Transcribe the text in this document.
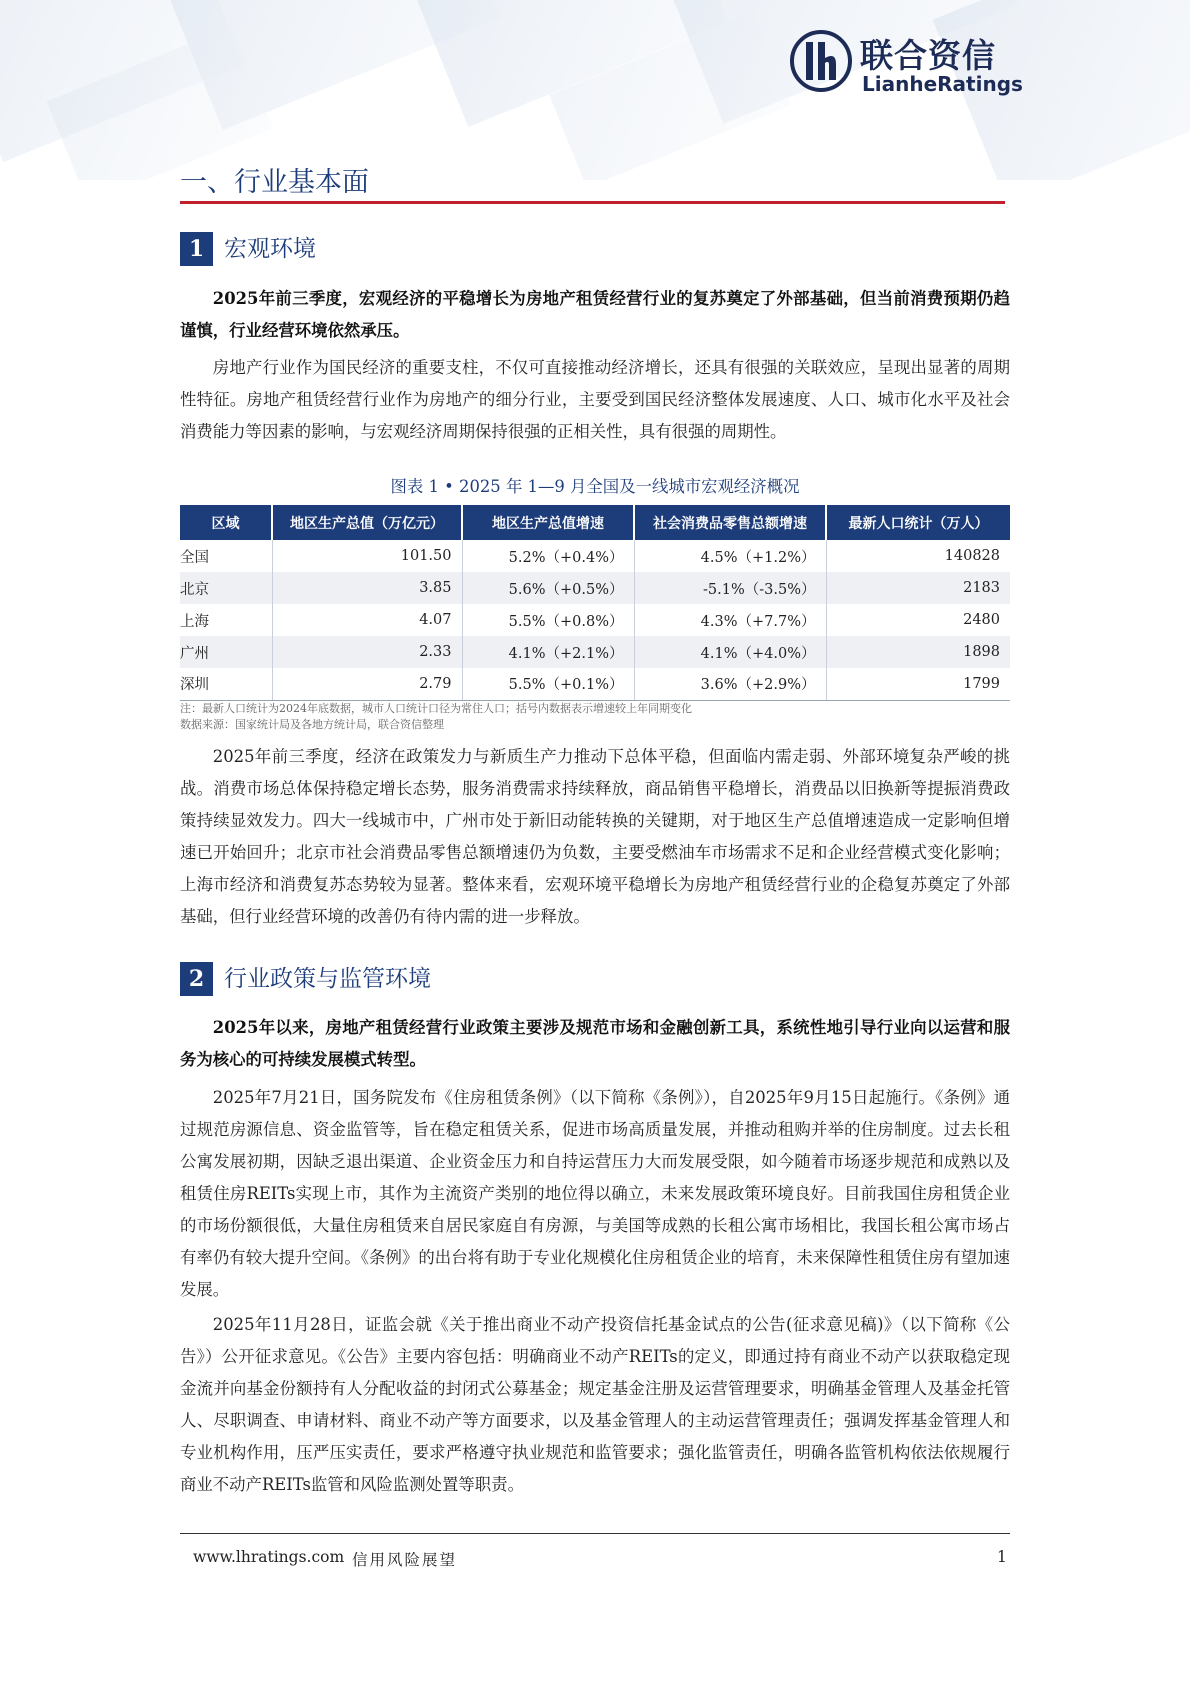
联合资信
LianheRatings
一、行业基本面
1 宏观环境

2025年前三季度，宏观经济的平稳增长为房地产租赁经营行业的复苏奠定了外部基础，但当前消费预期仍趋谨慎，行业经营环境依然承压。

房地产行业作为国民经济的重要支柱，不仅可直接推动经济增长，还具有很强的关联效应，呈现出显著的周期性特征。房地产租赁经营行业作为房地产的细分行业，主要受到国民经济整体发展速度、人口、城市化水平及社会消费能力等因素的影响，与宏观经济周期保持很强的正相关性，具有很强的周期性。

图表 1 • 2025 年 1—9 月全国及一线城市宏观经济概况
区域	地区生产总值（万亿元）	地区生产总值增速	社会消费品零售总额增速	最新人口统计（万人）
全国	101.50	5.2%（+0.4%）	4.5%（+1.2%）	140828
北京	3.85	5.6%（+0.5%）	-5.1%（-3.5%）	2183
上海	4.07	5.5%（+0.8%）	4.3%（+7.7%）	2480
广州	2.33	4.1%（+2.1%）	4.1%（+4.0%）	1898
深圳	2.79	5.5%（+0.1%）	3.6%（+2.9%）	1799
注：最新人口统计为2024年底数据，城市人口统计口径为常住人口；括号内数据表示增速较上年同期变化
数据来源：国家统计局及各地方统计局，联合资信整理

2025年前三季度，经济在政策发力与新质生产力推动下总体平稳，但面临内需走弱、外部环境复杂严峻的挑战。消费市场总体保持稳定增长态势，服务消费需求持续释放，商品销售平稳增长，消费品以旧换新等提振消费政策持续显效发力。四大一线城市中，广州市处于新旧动能转换的关键期，对于地区生产总值增速造成一定影响但增速已开始回升；北京市社会消费品零售总额增速仍为负数，主要受燃油车市场需求不足和企业经营模式变化影响；上海市经济和消费复苏态势较为显著。整体来看，宏观环境平稳增长为房地产租赁经营行业的企稳复苏奠定了外部基础，但行业经营环境的改善仍有待内需的进一步释放。

2 行业政策与监管环境

2025年以来，房地产租赁经营行业政策主要涉及规范市场和金融创新工具，系统性地引导行业向以运营和服务为核心的可持续发展模式转型。

2025年7月21日，国务院发布《住房租赁条例》（以下简称《条例》），自2025年9月15日起施行。《条例》通过规范房源信息、资金监管等，旨在稳定租赁关系，促进市场高质量发展，并推动租购并举的住房制度。过去长租公寓发展初期，因缺乏退出渠道、企业资金压力和自持运营压力大而发展受限，如今随着市场逐步规范和成熟以及租赁住房REITs实现上市，其作为主流资产类别的地位得以确立，未来发展政策环境良好。目前我国住房租赁企业的市场份额很低，大量住房租赁来自居民家庭自有房源，与美国等成熟的长租公寓市场相比，我国长租公寓市场占有率仍有较大提升空间。《条例》的出台将有助于专业化规模化住房租赁企业的培育，未来保障性租赁住房有望加速发展。

2025年11月28日，证监会就《关于推出商业不动产投资信托基金试点的公告(征求意见稿)》（以下简称《公告》）公开征求意见。《公告》主要内容包括：明确商业不动产REITs的定义，即通过持有商业不动产以获取稳定现金流并向基金份额持有人分配收益的封闭式公募基金；规定基金注册及运营管理要求，明确基金管理人及基金托管人、尽职调查、申请材料、商业不动产等方面要求，以及基金管理人的主动运营管理责任；强调发挥基金管理人和专业机构作用，压严压实责任，要求严格遵守执业规范和监管要求；强化监管责任，明确各监管机构依法依规履行商业不动产REITs监管和风险监测处置等职责。

www.lhratings.com 信用风险展望	1
